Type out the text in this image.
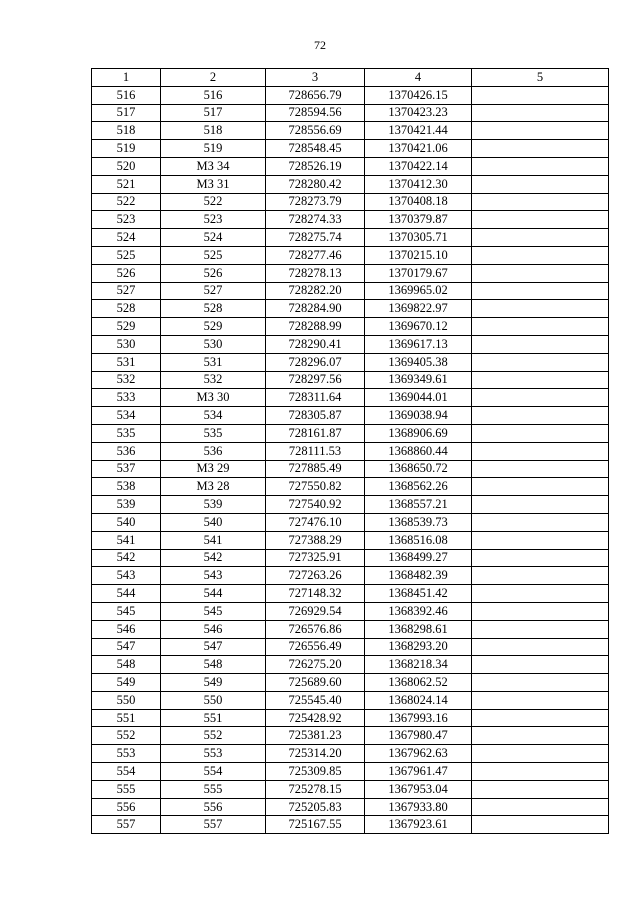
72
1	2	3	4	5
516	516	728656.79	1370426.15	
517	517	728594.56	1370423.23	
518	518	728556.69	1370421.44	
519	519	728548.45	1370421.06	
520	МЗ 34	728526.19	1370422.14	
521	МЗ 31	728280.42	1370412.30	
522	522	728273.79	1370408.18	
523	523	728274.33	1370379.87	
524	524	728275.74	1370305.71	
525	525	728277.46	1370215.10	
526	526	728278.13	1370179.67	
527	527	728282.20	1369965.02	
528	528	728284.90	1369822.97	
529	529	728288.99	1369670.12	
530	530	728290.41	1369617.13	
531	531	728296.07	1369405.38	
532	532	728297.56	1369349.61	
533	МЗ 30	728311.64	1369044.01	
534	534	728305.87	1369038.94	
535	535	728161.87	1368906.69	
536	536	728111.53	1368860.44	
537	МЗ 29	727885.49	1368650.72	
538	МЗ 28	727550.82	1368562.26	
539	539	727540.92	1368557.21	
540	540	727476.10	1368539.73	
541	541	727388.29	1368516.08	
542	542	727325.91	1368499.27	
543	543	727263.26	1368482.39	
544	544	727148.32	1368451.42	
545	545	726929.54	1368392.46	
546	546	726576.86	1368298.61	
547	547	726556.49	1368293.20	
548	548	726275.20	1368218.34	
549	549	725689.60	1368062.52	
550	550	725545.40	1368024.14	
551	551	725428.92	1367993.16	
552	552	725381.23	1367980.47	
553	553	725314.20	1367962.63	
554	554	725309.85	1367961.47	
555	555	725278.15	1367953.04	
556	556	725205.83	1367933.80	
557	557	725167.55	1367923.61	
